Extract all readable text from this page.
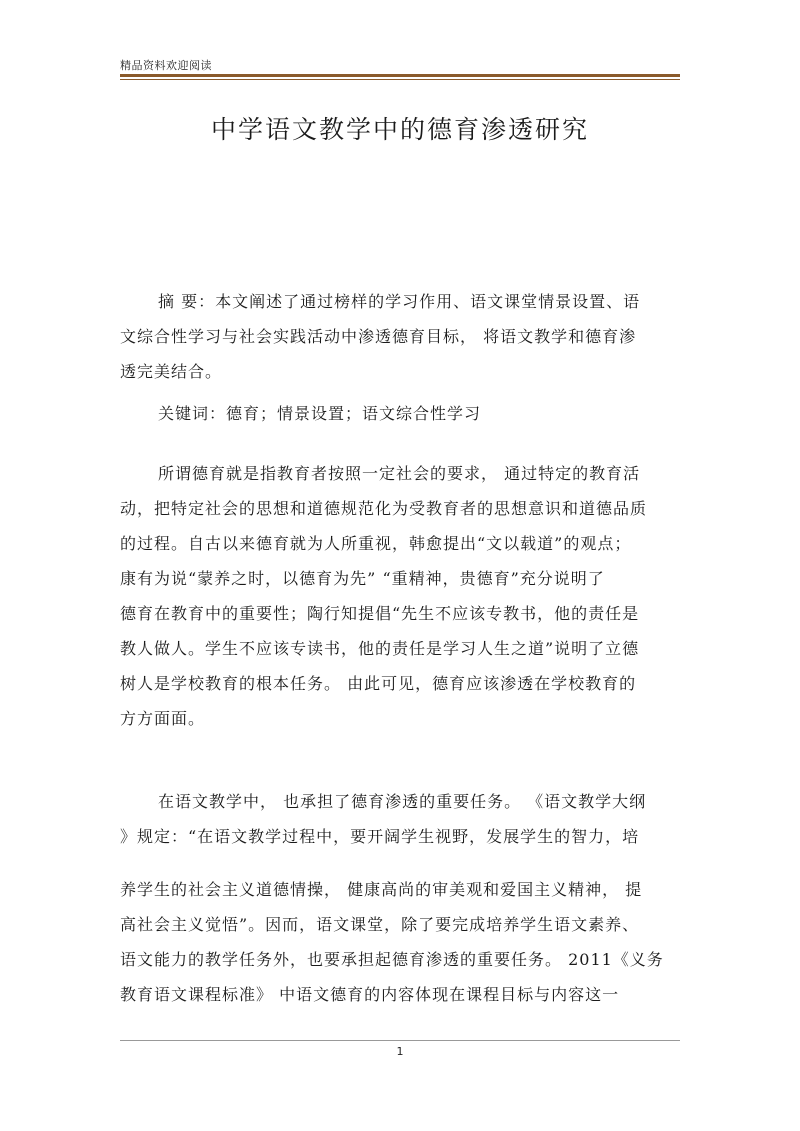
精品资料欢迎阅读
中学语文教学中的德育渗透研究

摘 要：本文阐述了通过榜样的学习作用、语文课堂情景设置、语
文综合性学习与社会实践活动中渗透德育目标， 将语文教学和德育渗
透完美结合。

关键词：德育；情景设置；语文综合性学习

所谓德育就是指教育者按照一定社会的要求， 通过特定的教育活
动，把特定社会的思想和道德规范化为受教育者的思想意识和道德品质
的过程。自古以来德育就为人所重视，韩愈提出“文以载道”的观点；
康有为说“蒙养之时，以德育为先” “重精神，贵德育”充分说明了
德育在教育中的重要性；陶行知提倡“先生不应该专教书，他的责任是
教人做人。学生不应该专读书，他的责任是学习人生之道”说明了立德
树人是学校教育的根本任务。 由此可见，德育应该渗透在学校教育的
方方面面。

在语文教学中， 也承担了德育渗透的重要任务。 《语文教学大纲
》规定：“在语文教学过程中，要开阔学生视野，发展学生的智力，培

养学生的社会主义道德情操， 健康高尚的审美观和爱国主义精神， 提
高社会主义觉悟”。因而，语文课堂，除了要完成培养学生语文素养、
语文能力的教学任务外，也要承担起德育渗透的重要任务。 2011《义务
教育语文课程标准》 中语文德育的内容体现在课程目标与内容这一

1
